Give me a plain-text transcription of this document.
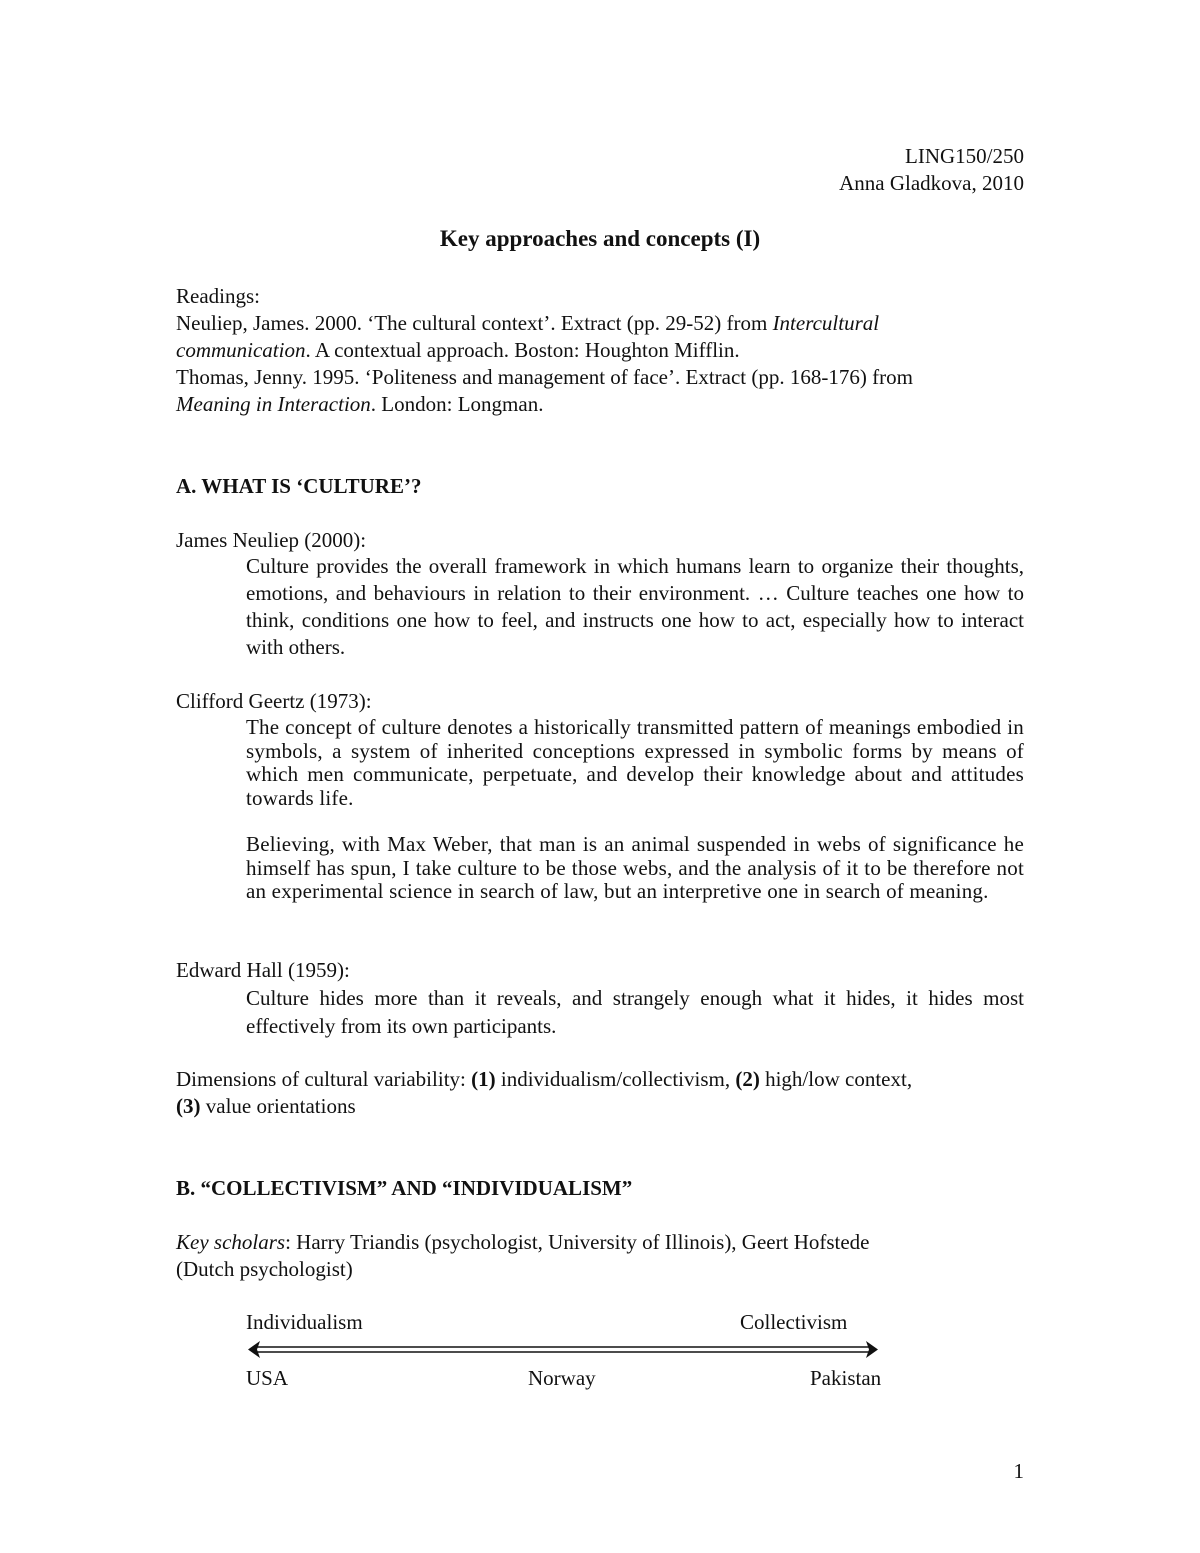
LING150/250
Anna Gladkova, 2010
Key approaches and concepts (I)
Readings:
Neuliep, James. 2000. ‘The cultural context’. Extract (pp. 29-52) from Intercultural
communication. A contextual approach. Boston: Houghton Mifflin.
Thomas, Jenny. 1995. ‘Politeness and management of face’. Extract (pp. 168-176) from
Meaning in Interaction. London: Longman.
A. WHAT IS ‘CULTURE’?
James Neuliep (2000):
Culture provides the overall framework in which humans learn to organize their thoughts, emotions, and behaviours in relation to their environment. … Culture teaches one how to think, conditions one how to feel, and instructs one how to act, especially how to interact with others.
Clifford Geertz (1973):
The concept of culture denotes a historically transmitted pattern of meanings embodied in symbols, a system of inherited conceptions expressed in symbolic forms by means of which men communicate, perpetuate, and develop their knowledge about and attitudes towards life.
Believing, with Max Weber, that man is an animal suspended in webs of significance he himself has spun, I take culture to be those webs, and the analysis of it to be therefore not an experimental science in search of law, but an interpretive one in search of meaning.
Edward Hall (1959):
Culture hides more than it reveals, and strangely enough what it hides, it hides most effectively from its own participants.
Dimensions of cultural variability: (1) individualism/collectivism, (2) high/low context,
(3) value orientations
B. “COLLECTIVISM” AND “INDIVIDUALISM”
Key scholars: Harry Triandis (psychologist, University of Illinois), Geert Hofstede
(Dutch psychologist)
Individualism	Collectivism
USA	Norway	Pakistan
1
